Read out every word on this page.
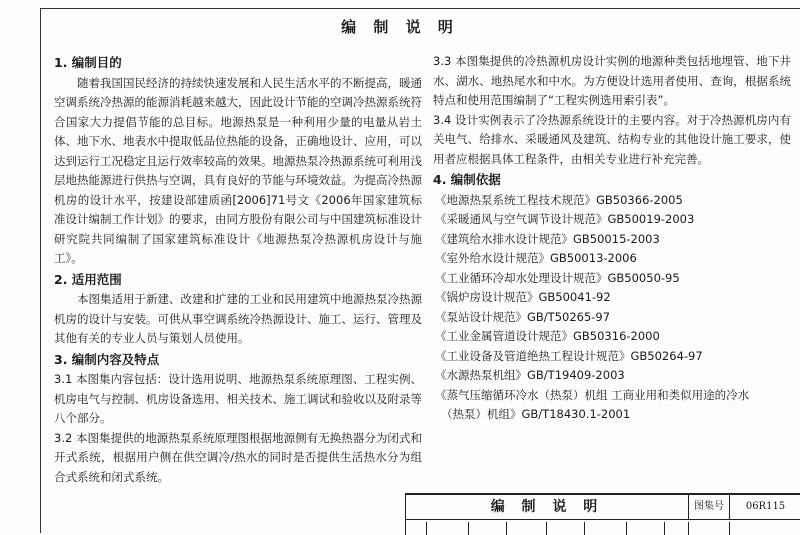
编 制 说 明
1. 编制目的

随着我国国民经济的持续快速发展和人民生活水平的不断提高，暖通空调系统冷热源的能源消耗越来越大，因此设计节能的空调冷热源系统符合国家大力提倡节能的总目标。地源热泵是一种利用少量的电量从岩土体、地下水、地表水中提取低品位热能的设备，正确地设计、应用，可以达到运行工况稳定且运行效率较高的效果。地源热泵冷热源系统可利用浅层地热能源进行供热与空调，具有良好的节能与环境效益。为提高冷热源机房的设计水平，按建设部建质函[2006]71号文《2006年国家建筑标准设计编制工作计划》的要求，由同方股份有限公司与中国建筑标准设计研究院共同编制了国家建筑标准设计《地源热泵冷热源机房设计与施工》。

2. 适用范围

本图集适用于新建、改建和扩建的工业和民用建筑中地源热泵冷热源机房的设计与安装。可供从事空调系统冷热源设计、施工、运行、管理及其他有关的专业人员与策划人员使用。

3. 编制内容及特点

3.1 本图集内容包括：设计选用说明、地源热泵系统原理图、工程实例、机房电气与控制、机房设备选用、相关技术、施工调试和验收以及附录等八个部分。

3.2 本图集提供的地源热泵系统原理图根据地源侧有无换热器分为闭式和开式系统，根据用户侧在供空调冷/热水的同时是否提供生活热水分为组合式系统和闭式系统。

3.3 本图集提供的冷热源机房设计实例的地源种类包括地埋管、地下井水、湖水、地热尾水和中水。为方便设计选用者使用、查询，根据系统特点和使用范围编制了“工程实例选用索引表”。

3.4 设计实例表示了冷热源系统设计的主要内容。对于冷热源机房内有关电气、给排水、采暖通风及建筑、结构专业的其他设计施工要求，使用者应根据具体工程条件，由相关专业进行补充完善。

4. 编制依据

《地源热泵系统工程技术规范》GB50366-2005

《采暖通风与空气调节设计规范》GB50019-2003

《建筑给水排水设计规范》GB50015-2003

《室外给水设计规范》GB50013-2006

《工业循环冷却水处理设计规范》GB50050-95

《锅炉房设计规范》GB50041-92

《泵站设计规范》GB/T50265-97

《工业金属管道设计规范》GB50316-2000

《工业设备及管道绝热工程设计规范》GB50264-97

《水源热泵机组》GB/T19409-2003

《蒸气压缩循环冷水（热泵）机组 工商业用和类似用途的冷水

（热泵）机组》GB/T18430.1-2001

编 制 说 明	图集号	06R115
